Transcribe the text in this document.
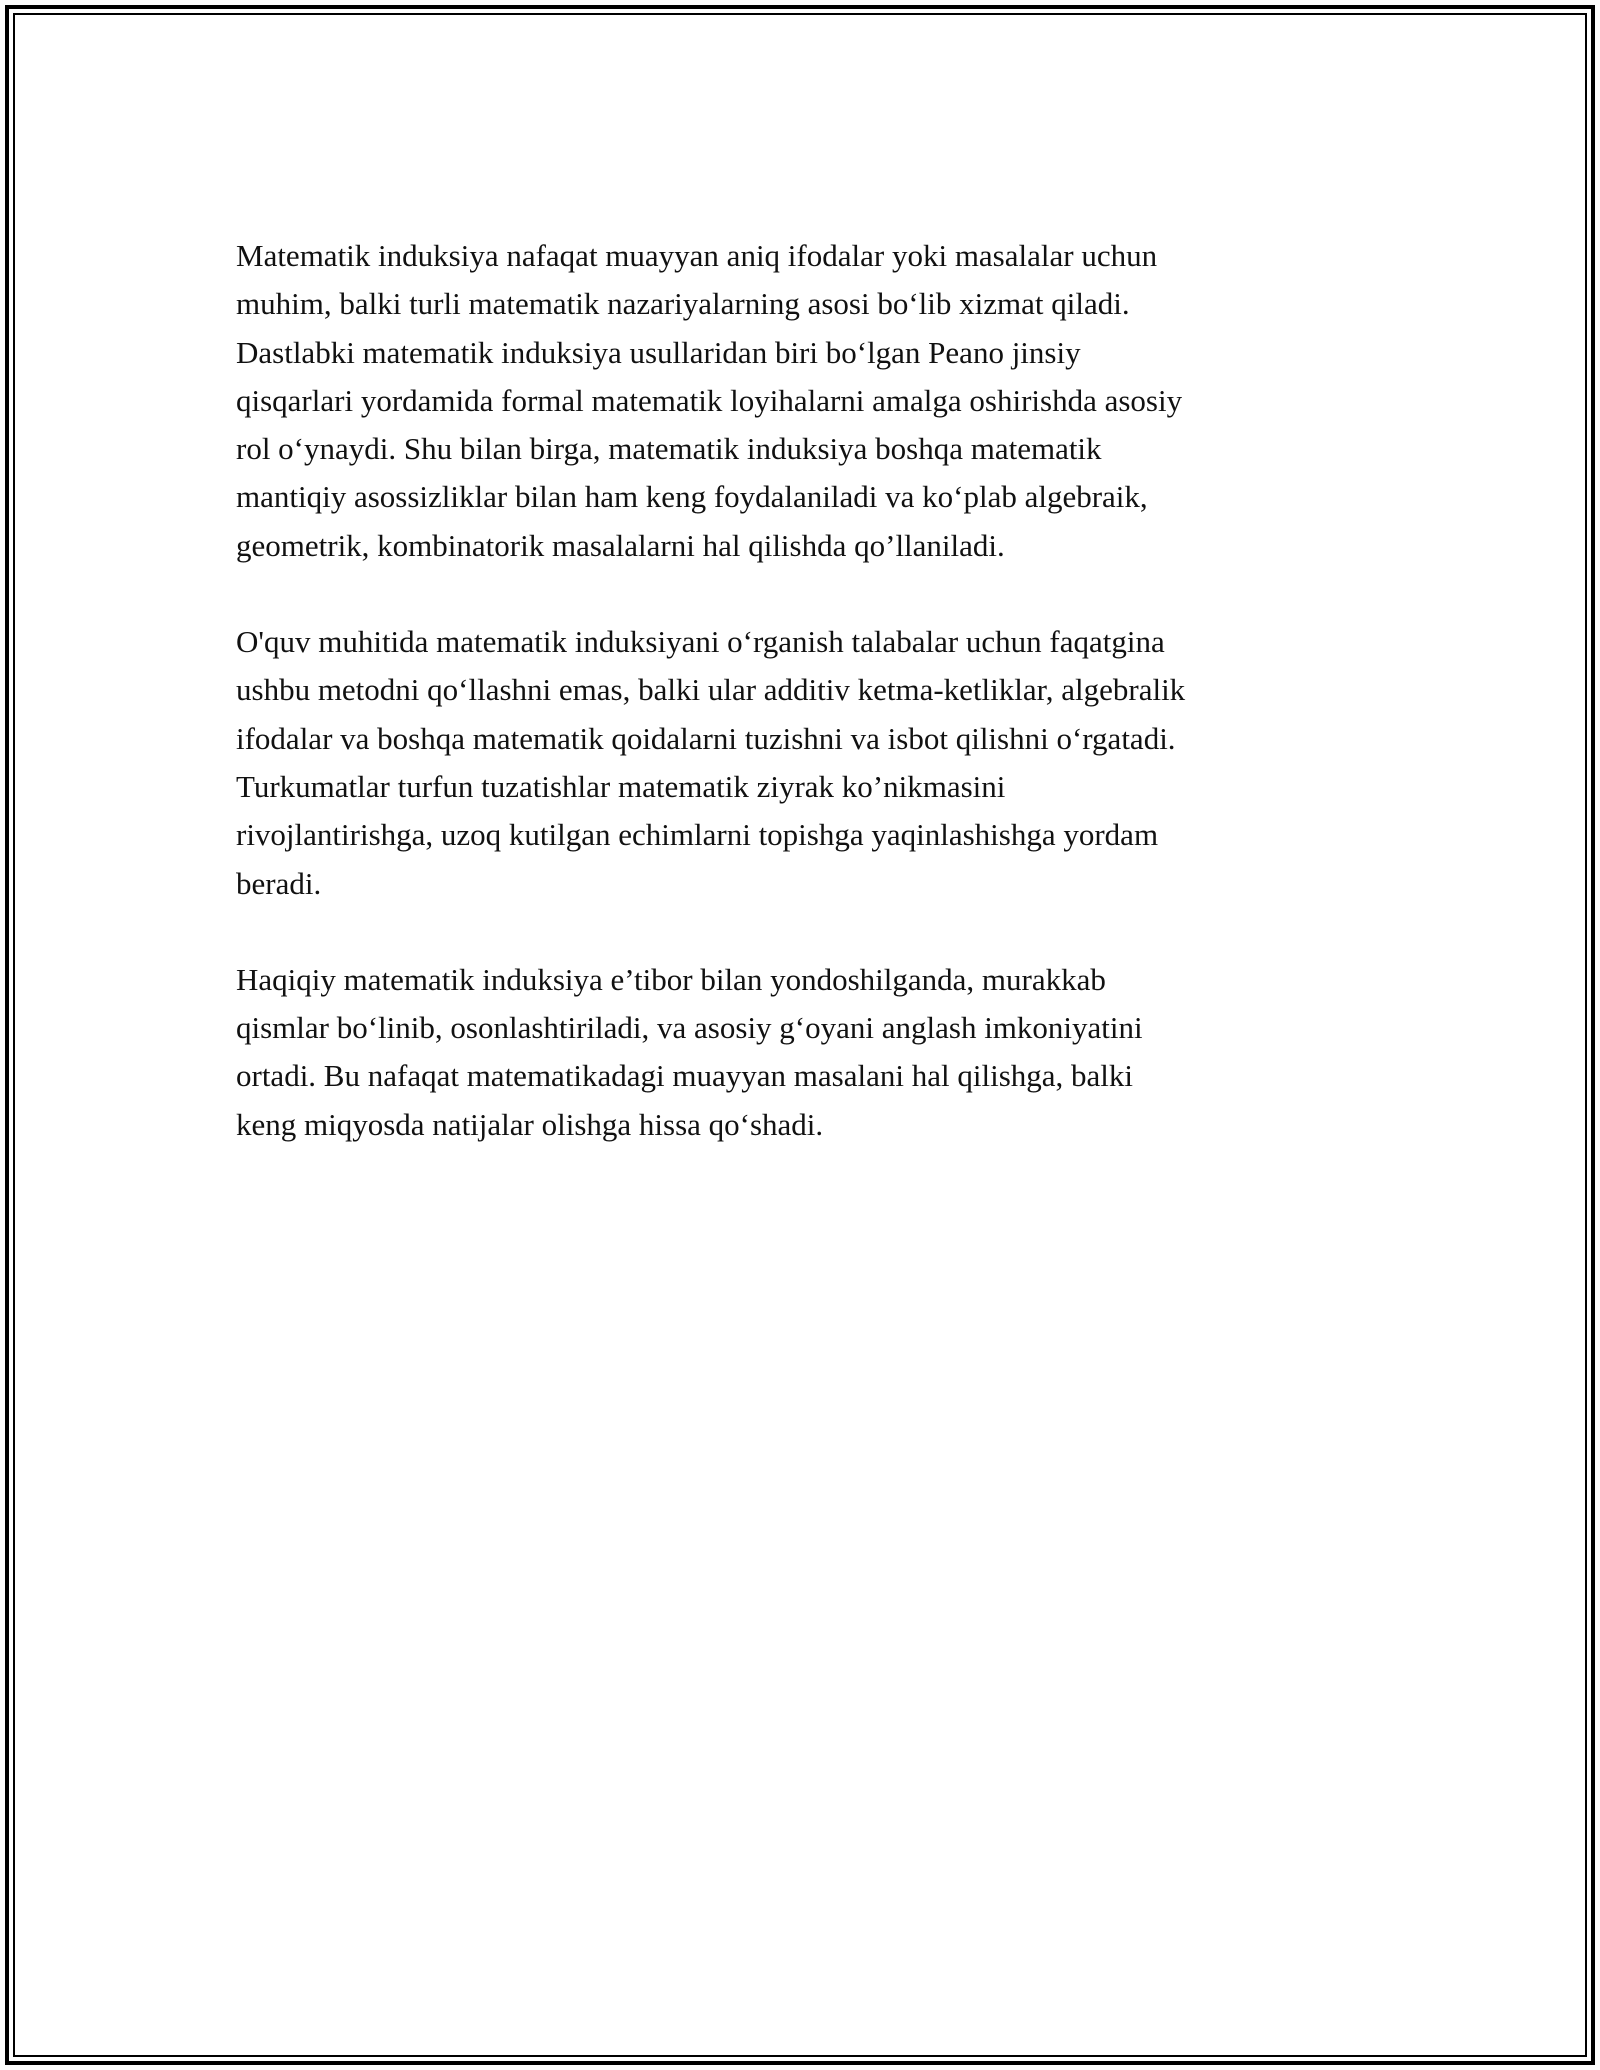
Matematik induksiya nafaqat muayyan aniq ifodalar yoki masalalar uchun
muhim, balki turli matematik nazariyalarning asosi bo‘lib xizmat qiladi.
Dastlabki matematik induksiya usullaridan biri bo‘lgan Peano jinsiy
qisqarlari yordamida formal matematik loyihalarni amalga oshirishda asosiy
rol o‘ynaydi. Shu bilan birga, matematik induksiya boshqa matematik
mantiqiy asossizliklar bilan ham keng foydalaniladi va ko‘plab algebraik,
geometrik, kombinatorik masalalarni hal qilishda qo’llaniladi.

O'quv muhitida matematik induksiyani o‘rganish talabalar uchun faqatgina
ushbu metodni qo‘llashni emas, balki ular additiv ketma-ketliklar, algebralik
ifodalar va boshqa matematik qoidalarni tuzishni va isbot qilishni o‘rgatadi.
Turkumatlar turfun tuzatishlar matematik ziyrak ko’nikmasini
rivojlantirishga, uzoq kutilgan echimlarni topishga yaqinlashishga yordam
beradi.

Haqiqiy matematik induksiya e’tibor bilan yondoshilganda, murakkab
qismlar bo‘linib, osonlashtiriladi, va asosiy g‘oyani anglash imkoniyatini
ortadi. Bu nafaqat matematikadagi muayyan masalani hal qilishga, balki
keng miqyosda natijalar olishga hissa qo‘shadi.
